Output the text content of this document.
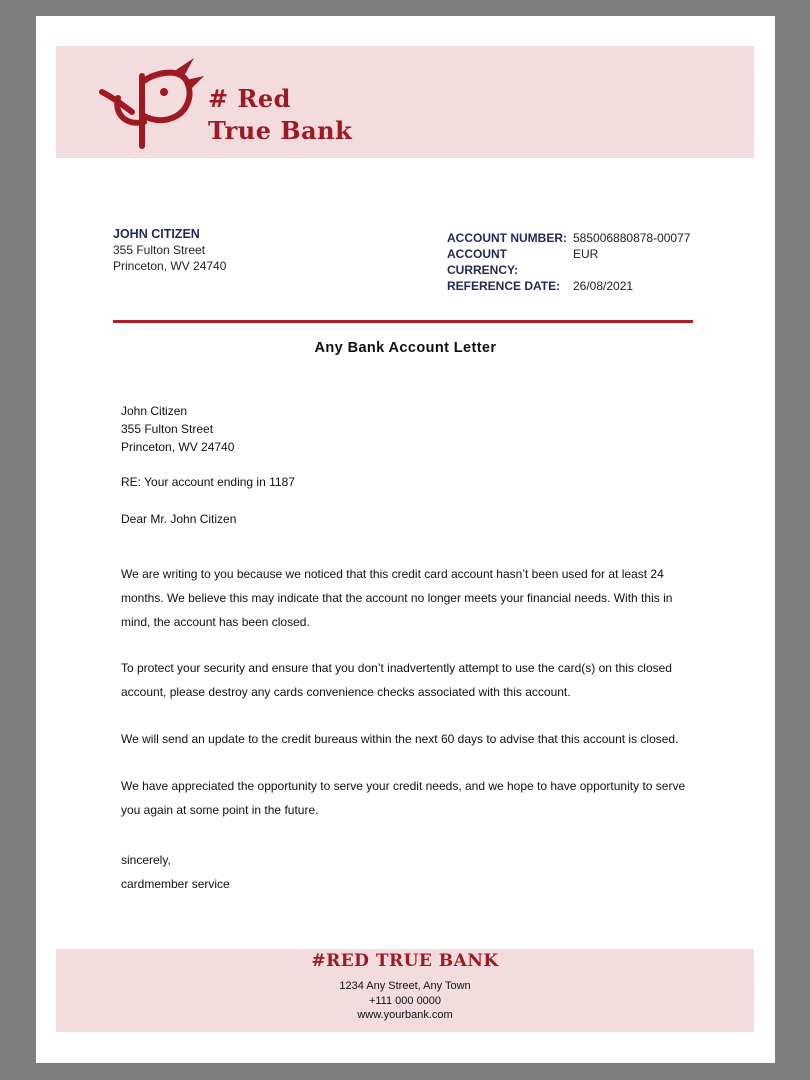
# Red
True Bank
JOHN CITIZEN
355 Fulton Street
Princeton, WV 24740
ACCOUNT NUMBER: 585006880878-00077
ACCOUNT CURRENCY:
EUR
REFERENCE DATE:	26/08/2021
Any Bank Account Letter
John Citizen
355 Fulton Street
Princeton, WV 24740
RE: Your account ending in 1187
Dear Mr. John Citizen
We are writing to you because we noticed that this credit card account hasn’t been used for at least 24 months. We believe this may indicate that the account no longer meets your financial needs. With this in mind, the account has been closed.
To protect your security and ensure that you don’t inadvertently attempt to use the card(s) on this closed account, please destroy any cards convenience checks associated with this account.
We will send an update to the credit bureaus within the next 60 days to advise that this account is closed.
We have appreciated the opportunity to serve your credit needs, and we hope to have opportunity to serve you again at some point in the future.
sincerely,
cardmember service
#RED TRUE BANK
1234 Any Street, Any Town
+111 000 0000
www.yourbank.com
